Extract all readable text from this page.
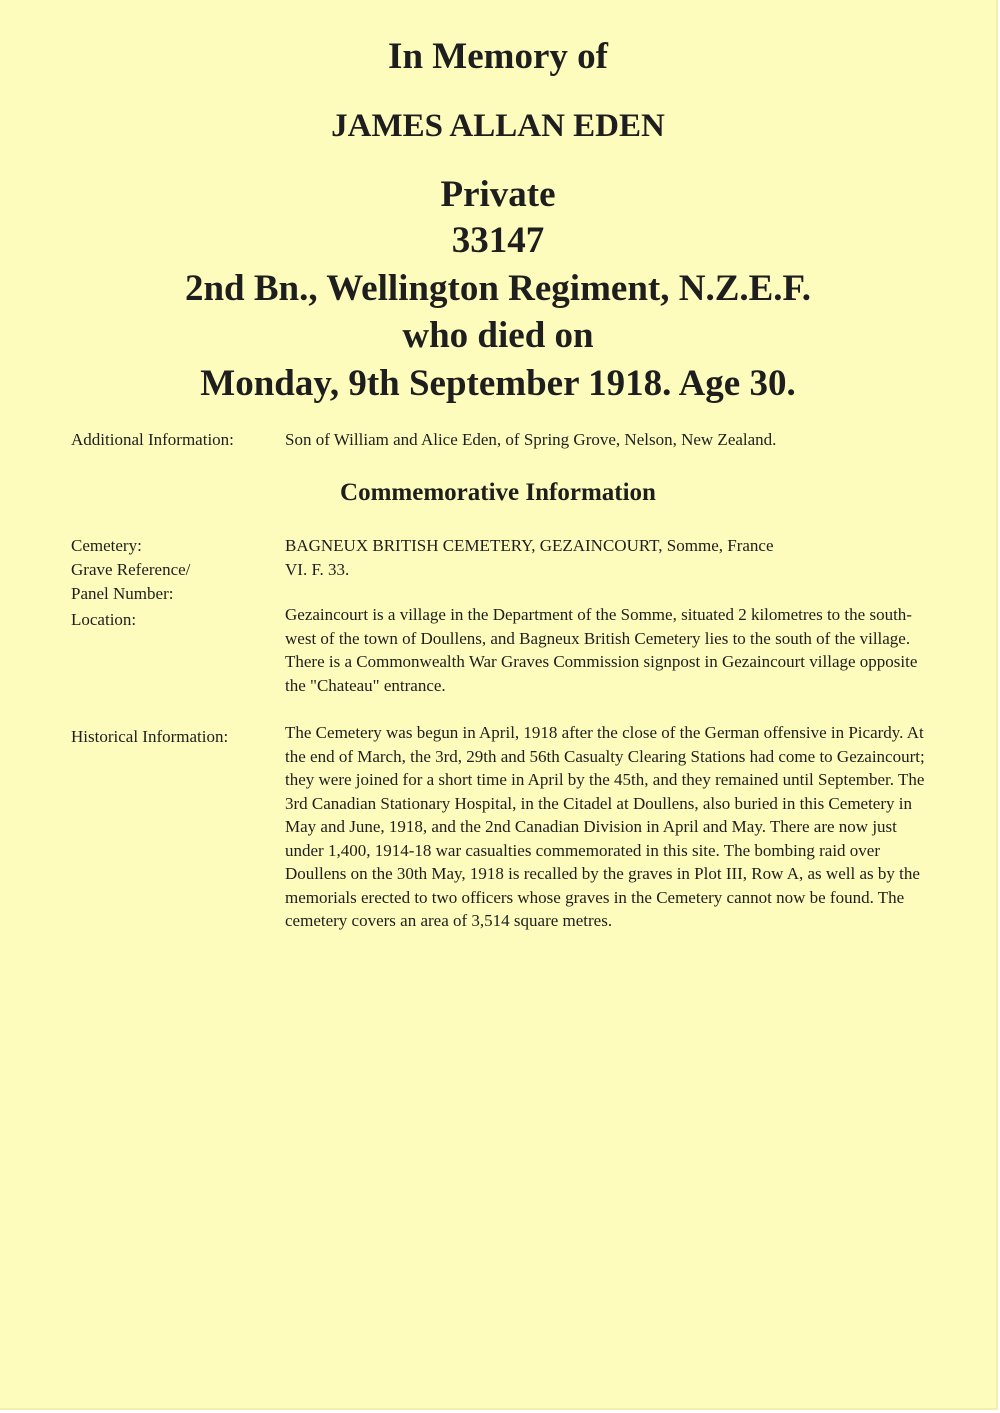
In Memory of
JAMES ALLAN EDEN
Private
33147
2nd Bn., Wellington Regiment, N.Z.E.F.
who died on
Monday, 9th September 1918. Age 30.
Additional Information:	Son of William and Alice Eden, of Spring Grove, Nelson, New Zealand.
Commemorative Information
Cemetery:	BAGNEUX BRITISH CEMETERY, GEZAINCOURT, Somme, France
Grave Reference/
Panel Number:
VI. F. 33.
Location:	Gezaincourt is a village in the Department of the Somme, situated 2 kilometres to the south-west of the town of Doullens, and Bagneux British Cemetery lies to the south of the village. There is a Commonwealth War Graves Commission signpost in Gezaincourt village opposite the "Chateau" entrance.
Historical Information:	The Cemetery was begun in April, 1918 after the close of the German offensive in Picardy. At the end of March, the 3rd, 29th and 56th Casualty Clearing Stations had come to Gezaincourt; they were joined for a short time in April by the 45th, and they remained until September. The 3rd Canadian Stationary Hospital, in the Citadel at Doullens, also buried in this Cemetery in May and June, 1918, and the 2nd Canadian Division in April and May. There are now just under 1,400, 1914-18 war casualties commemorated in this site. The bombing raid over Doullens on the 30th May, 1918 is recalled by the graves in Plot III, Row A, as well as by the memorials erected to two officers whose graves in the Cemetery cannot now be found. The cemetery covers an area of 3,514 square metres.
